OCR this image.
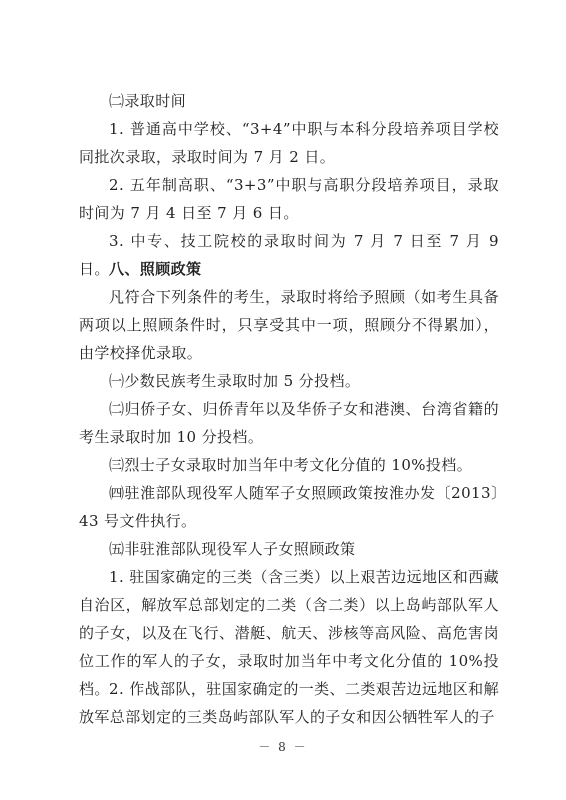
㈡录取时间

1. 普通高中学校、“3+4”中职与本科分段培养项目学校同批次录取，录取时间为 7 月 2 日。

2. 五年制高职、“3+3”中职与高职分段培养项目，录取时间为 7 月 4 日至 7 月 6 日。

3. 中专、技工院校的录取时间为 7 月 7 日至 7 月 9 日。 八、照顾政策

凡符合下列条件的考生，录取时将给予照顾（如考生具备两项以上照顾条件时，只享受其中一项，照顾分不得累加），由学校择优录取。

㈠少数民族考生录取时加 5 分投档。

㈡归侨子女、归侨青年以及华侨子女和港澳、台湾省籍的考生录取时加 10 分投档。

㈢烈士子女录取时加当年中考文化分值的 10%投档。

㈣驻淮部队现役军人随军子女照顾政策按淮办发〔2013〕43 号文件执行。

㈤非驻淮部队现役军人子女照顾政策

1. 驻国家确定的三类（含三类）以上艰苦边远地区和西藏自治区，解放军总部划定的二类（含二类）以上岛屿部队军人的子女，以及在飞行、潜艇、航天、涉核等高风险、高危害岗位工作的军人的子女，录取时加当年中考文化分值的 10%投档。 2. 作战部队，驻国家确定的一类、二类艰苦边远地区和解放军总部划定的三类岛屿部队军人的子女和因公牺牲军人的子

－ 8 －
